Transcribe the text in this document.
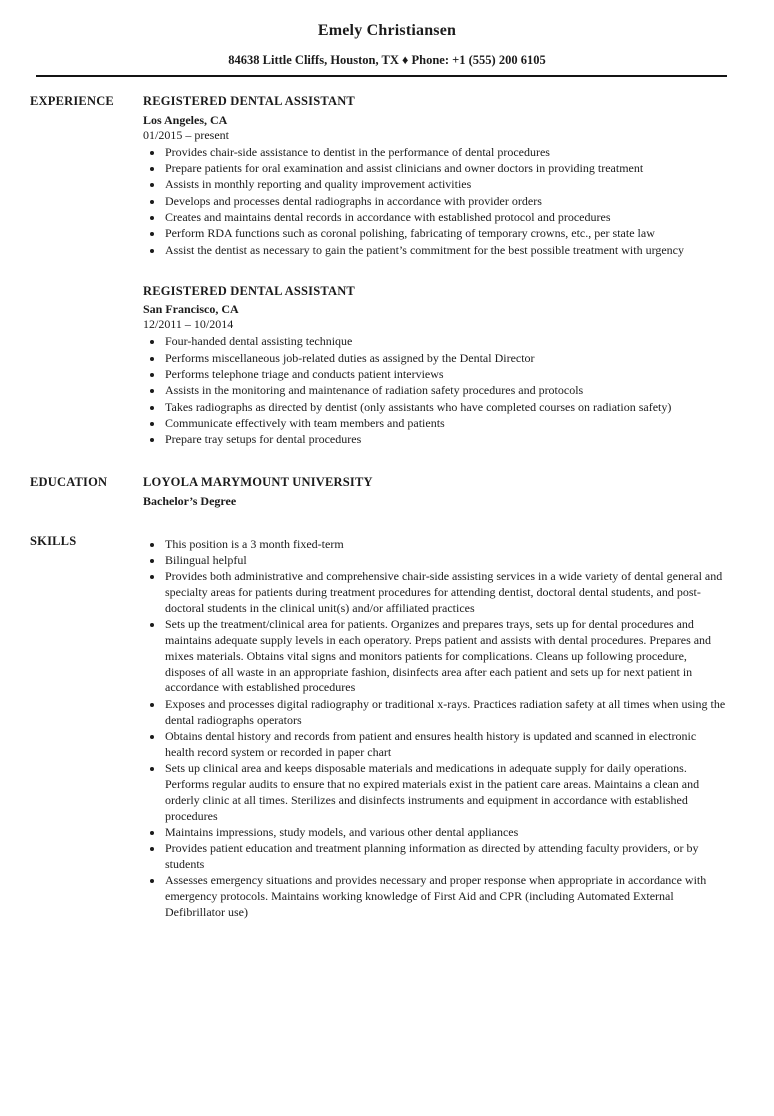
Emely Christiansen
84638 Little Cliffs, Houston, TX ♦ Phone: +1 (555) 200 6105
EXPERIENCE	REGISTERED DENTAL ASSISTANT
Los Angeles, CA
01/2015 – present
• Provides chair-side assistance to dentist in the performance of dental procedures
• Prepare patients for oral examination and assist clinicians and owner doctors in providing treatment
• Assists in monthly reporting and quality improvement activities
• Develops and processes dental radiographs in accordance with provider orders
• Creates and maintains dental records in accordance with established protocol and procedures
• Perform RDA functions such as coronal polishing, fabricating of temporary crowns, etc., per state law
• Assist the dentist as necessary to gain the patient’s commitment for the best possible treatment with urgency
REGISTERED DENTAL ASSISTANT
San Francisco, CA
12/2011 – 10/2014
• Four-handed dental assisting technique
• Performs miscellaneous job-related duties as assigned by the Dental Director
• Performs telephone triage and conducts patient interviews
• Assists in the monitoring and maintenance of radiation safety procedures and protocols
• Takes radiographs as directed by dentist (only assistants who have completed courses on radiation safety)
• Communicate effectively with team members and patients
• Prepare tray setups for dental procedures
EDUCATION	LOYOLA MARYMOUNT UNIVERSITY
Bachelor’s Degree
SKILLS	• This position is a 3 month fixed-term
• Bilingual helpful
• Provides both administrative and comprehensive chair-side assisting services in a wide variety of dental general and specialty areas for patients during treatment procedures for attending dentist, doctoral dental students, and post-doctoral students in the clinical unit(s) and/or affiliated practices
• Sets up the treatment/clinical area for patients. Organizes and prepares trays, sets up for dental procedures and maintains adequate supply levels in each operatory. Preps patient and assists with dental procedures. Prepares and mixes materials. Obtains vital signs and monitors patients for complications. Cleans up following procedure, disposes of all waste in an appropriate fashion, disinfects area after each patient and sets up for next patient in accordance with established procedures
• Exposes and processes digital radiography or traditional x-rays. Practices radiation safety at all times when using the dental radiographs operators
• Obtains dental history and records from patient and ensures health history is updated and scanned in electronic health record system or recorded in paper chart
• Sets up clinical area and keeps disposable materials and medications in adequate supply for daily operations. Performs regular audits to ensure that no expired materials exist in the patient care areas. Maintains a clean and orderly clinic at all times. Sterilizes and disinfects instruments and equipment in accordance with established procedures
• Maintains impressions, study models, and various other dental appliances
• Provides patient education and treatment planning information as directed by attending faculty providers, or by students
• Assesses emergency situations and provides necessary and proper response when appropriate in accordance with emergency protocols. Maintains working knowledge of First Aid and CPR (including Automated External Defibrillator use)
